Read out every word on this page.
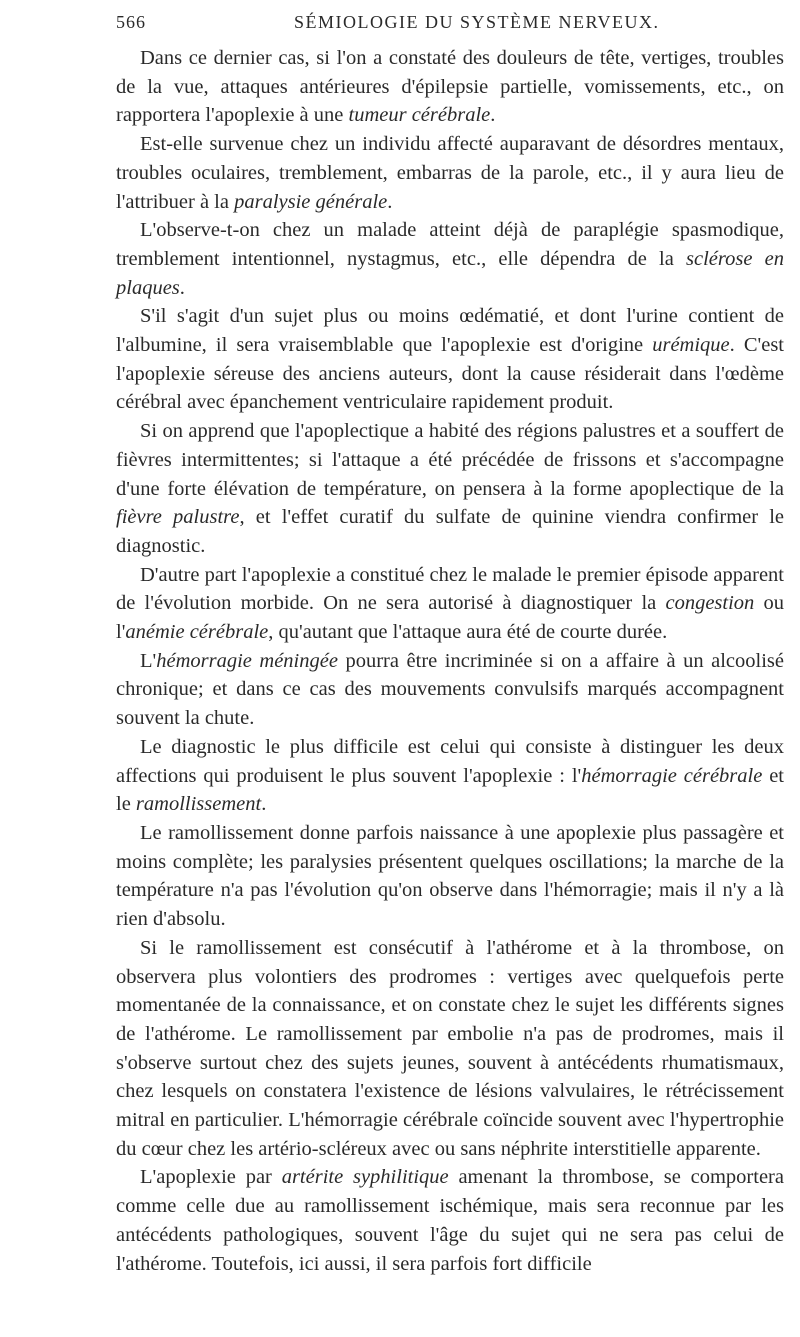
566	SÉMIOLOGIE DU SYSTÈME NERVEUX.

Dans ce dernier cas, si l'on a constaté des douleurs de tête, vertiges, troubles de la vue, attaques antérieures d'épilepsie partielle, vomissements, etc., on rapportera l'apoplexie à une tumeur cérébrale.

Est-elle survenue chez un individu affecté auparavant de désordres mentaux, troubles oculaires, tremblement, embarras de la parole, etc., il y aura lieu de l'attribuer à la paralysie générale.

L'observe-t-on chez un malade atteint déjà de paraplégie spasmodique, tremblement intentionnel, nystagmus, etc., elle dépendra de la sclérose en plaques.

S'il s'agit d'un sujet plus ou moins œdématié, et dont l'urine contient de l'albumine, il sera vraisemblable que l'apoplexie est d'origine urémique. C'est l'apoplexie séreuse des anciens auteurs, dont la cause résiderait dans l'œdème cérébral avec épanchement ventriculaire rapidement produit.

Si on apprend que l'apoplectique a habité des régions palustres et a souffert de fièvres intermittentes; si l'attaque a été précédée de frissons et s'accompagne d'une forte élévation de température, on pensera à la forme apoplectique de la fièvre palustre, et l'effet curatif du sulfate de quinine viendra confirmer le diagnostic.

D'autre part l'apoplexie a constitué chez le malade le premier épisode apparent de l'évolution morbide. On ne sera autorisé à diagnostiquer la congestion ou l'anémie cérébrale, qu'autant que l'attaque aura été de courte durée.

L'hémorragie méningée pourra être incriminée si on a affaire à un alcoolisé chronique; et dans ce cas des mouvements convulsifs marqués accompagnent souvent la chute.

Le diagnostic le plus difficile est celui qui consiste à distinguer les deux affections qui produisent le plus souvent l'apoplexie : l'hémorragie cérébrale et le ramollissement.

Le ramollissement donne parfois naissance à une apoplexie plus passagère et moins complète; les paralysies présentent quelques oscillations; la marche de la température n'a pas l'évolution qu'on observe dans l'hémorragie; mais il n'y a là rien d'absolu.

Si le ramollissement est consécutif à l'athérome et à la thrombose, on observera plus volontiers des prodromes : vertiges avec quelquefois perte momentanée de la connaissance, et on constate chez le sujet les différents signes de l'athérome. Le ramollissement par embolie n'a pas de prodromes, mais il s'observe surtout chez des sujets jeunes, souvent à antécédents rhumatismaux, chez lesquels on constatera l'existence de lésions valvulaires, le rétrécissement mitral en particulier. L'hémorragie cérébrale coïncide souvent avec l'hypertrophie du cœur chez les artério-scléreux avec ou sans néphrite interstitielle apparente.

L'apoplexie par artérite syphilitique amenant la thrombose, se comportera comme celle due au ramollissement ischémique, mais sera reconnue par les antécédents pathologiques, souvent l'âge du sujet qui ne sera pas celui de l'athérome. Toutefois, ici aussi, il sera parfois fort difficile
